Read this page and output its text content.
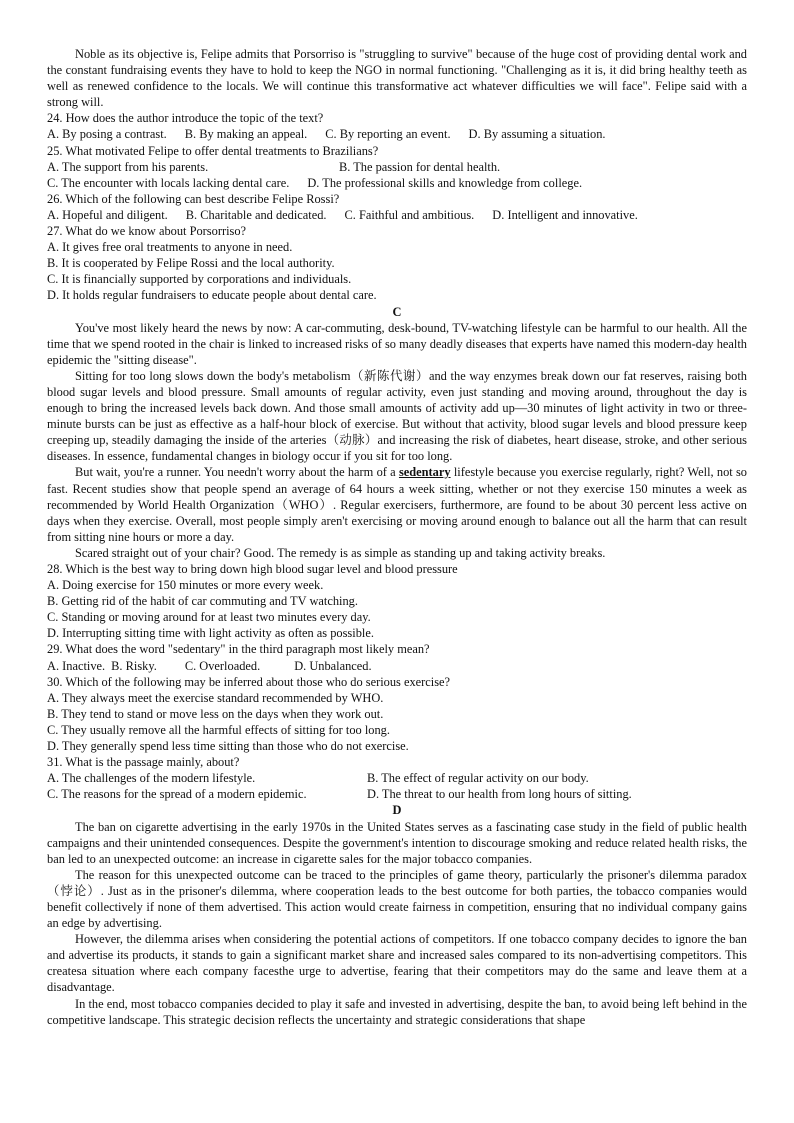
Noble as its objective is, Felipe admits that Porsorriso is "struggling to survive" because of the huge cost of providing dental work and the constant fundraising events they have to hold to keep the NGO in normal functioning. "Challenging as it is, it did bring healthy teeth as well as renewed confidence to the locals. We will continue this transformative act whatever difficulties we will face". Felipe said with a strong will.

24. How does the author introduce the topic of the text?

A. By posing a contrast. B. By making an appeal. C. By reporting an event. D. By assuming a situation.

25. What motivated Felipe to offer dental treatments to Brazilians?

A. The support from his parents.	B. The passion for dental health.

C. The encounter with locals lacking dental care. D. The professional skills and knowledge from college.

26. Which of the following can best describe Felipe Rossi?

A. Hopeful and diligent. B. Charitable and dedicated. C. Faithful and ambitious. D. Intelligent and innovative.

27. What do we know about Porsorriso?

A. It gives free oral treatments to anyone in need.

B. It is cooperated by Felipe Rossi and the local authority.

C. It is financially supported by corporations and individuals.

D. It holds regular fundraisers to educate people about dental care.

C

You've most likely heard the news by now: A car-commuting, desk-bound, TV-watching lifestyle can be harmful to our health. All the time that we spend rooted in the chair is linked to increased risks of so many deadly diseases that experts have named this modern-day health epidemic the "sitting disease".

Sitting for too long slows down the body's metabolism（新陈代谢）and the way enzymes break down our fat reserves, raising both blood sugar levels and blood pressure. Small amounts of regular activity, even just standing and moving around, throughout the day is enough to bring the increased levels back down. And those small amounts of activity add up—30 minutes of light activity in two or three-minute bursts can be just as effective as a half-hour block of exercise. But without that activity, blood sugar levels and blood pressure keep creeping up, steadily damaging the inside of the arteries（动脉）and increasing the risk of diabetes, heart disease, stroke, and other serious diseases. In essence, fundamental changes in biology occur if you sit for too long.

But wait, you're a runner. You needn't worry about the harm of a sedentary lifestyle because you exercise regularly, right? Well, not so fast. Recent studies show that people spend an average of 64 hours a week sitting, whether or not they exercise 150 minutes a week as recommended by World Health Organization（WHO）. Regular exercisers, furthermore, are found to be about 30 percent less active on days when they exercise. Overall, most people simply aren't exercising or moving around enough to balance out all the harm that can result from sitting nine hours or more a day.

Scared straight out of your chair? Good. The remedy is as simple as standing up and taking activity breaks.

28. Which is the best way to bring down high blood sugar level and blood pressure

A. Doing exercise for 150 minutes or more every week.

B. Getting rid of the habit of car commuting and TV watching.

C. Standing or moving around for at least two minutes every day.

D. Interrupting sitting time with light activity as often as possible.

29. What does the word "sedentary" in the third paragraph most likely mean?

A. Inactive. B. Risky. C. Overloaded.	D. Unbalanced.

30. Which of the following may be inferred about those who do serious exercise?

A. They always meet the exercise standard recommended by WHO.

B. They tend to stand or move less on the days when they work out.

C. They usually remove all the harmful effects of sitting for too long.

D. They generally spend less time sitting than those who do not exercise.

31. What is the passage mainly, about?

A. The challenges of the modern lifestyle.	B. The effect of regular activity on our body.

C. The reasons for the spread of a modern epidemic.	D. The threat to our health from long hours of sitting.

D

The ban on cigarette advertising in the early 1970s in the United States serves as a fascinating case study in the field of public health campaigns and their unintended consequences. Despite the government's intention to discourage smoking and reduce related health risks, the ban led to an unexpected outcome: an increase in cigarette sales for the major tobacco companies.

The reason for this unexpected outcome can be traced to the principles of game theory, particularly the prisoner's dilemma paradox（悖论）. Just as in the prisoner's dilemma, where cooperation leads to the best outcome for both parties, the tobacco companies would benefit collectively if none of them advertised. This action would create fairness in competition, ensuring that no individual company gains an edge by advertising.

However, the dilemma arises when considering the potential actions of competitors. If one tobacco company decides to ignore the ban and advertise its products, it stands to gain a significant market share and increased sales compared to its non-advertising competitors. This createsa situation where each company facesthe urge to advertise, fearing that their competitors may do the same and leave them at a disadvantage.

In the end, most tobacco companies decided to play it safe and invested in advertising, despite the ban, to avoid being left behind in the competitive landscape. This strategic decision reflects the uncertainty and strategic considerations that shape
